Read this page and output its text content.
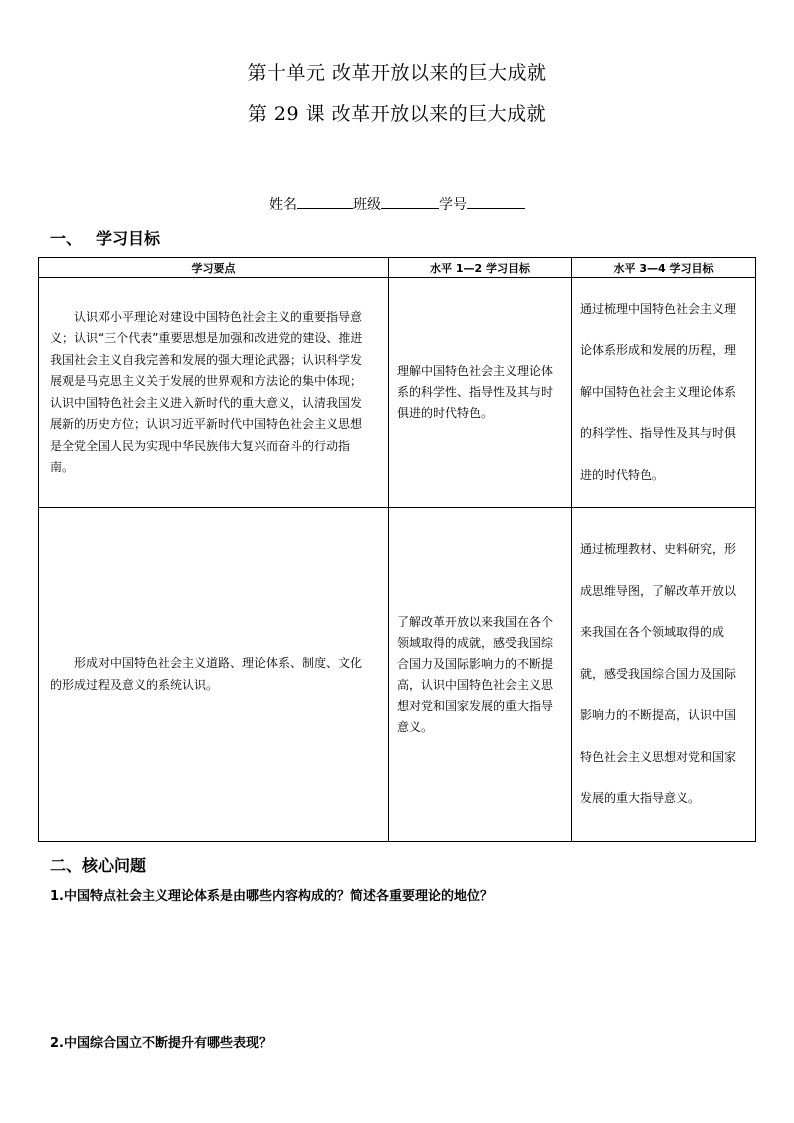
第十单元 改革开放以来的巨大成就
第 29 课 改革开放以来的巨大成就
姓名	班级	学号
一、 学习目标
学习要点	水平 1—2 学习目标	水平 3—4 学习目标
认识邓小平理论对建设中国特色社会主义的重要指导意义；认识“三个代表”重要思想是加强和改进党的建设、推进我国社会主义自我完善和发展的强大理论武器；认识科学发展观是马克思主义关于发展的世界观和方法论的集中体现；认识中国特色社会主义进入新时代的重大意义，认清我国发展新的历史方位；认识习近平新时代中国特色社会主义思想是全党全国人民为实现中华民族伟大复兴而奋斗的行动指南。	理解中国特色社会主义理论体系的科学性、指导性及其与时俱进的时代特色。	通过梳理中国特色社会主义理论体系形成和发展的历程，理解中国特色社会主义理论体系的科学性、指导性及其与时俱进的时代特色。
形成对中国特色社会主义道路、理论体系、制度、文化的形成过程及意义的系统认识。	了解改革开放以来我国在各个领域取得的成就，感受我国综合国力及国际影响力的不断提高，认识中国特色社会主义思想对党和国家发展的重大指导意义。	通过梳理教材、史料研究，形成思维导图，了解改革开放以来我国在各个领域取得的成就，感受我国综合国力及国际影响力的不断提高，认识中国特色社会主义思想对党和国家发展的重大指导意义。
二、核心问题
1.中国特点社会主义理论体系是由哪些内容构成的？简述各重要理论的地位？
2.中国综合国立不断提升有哪些表现？
